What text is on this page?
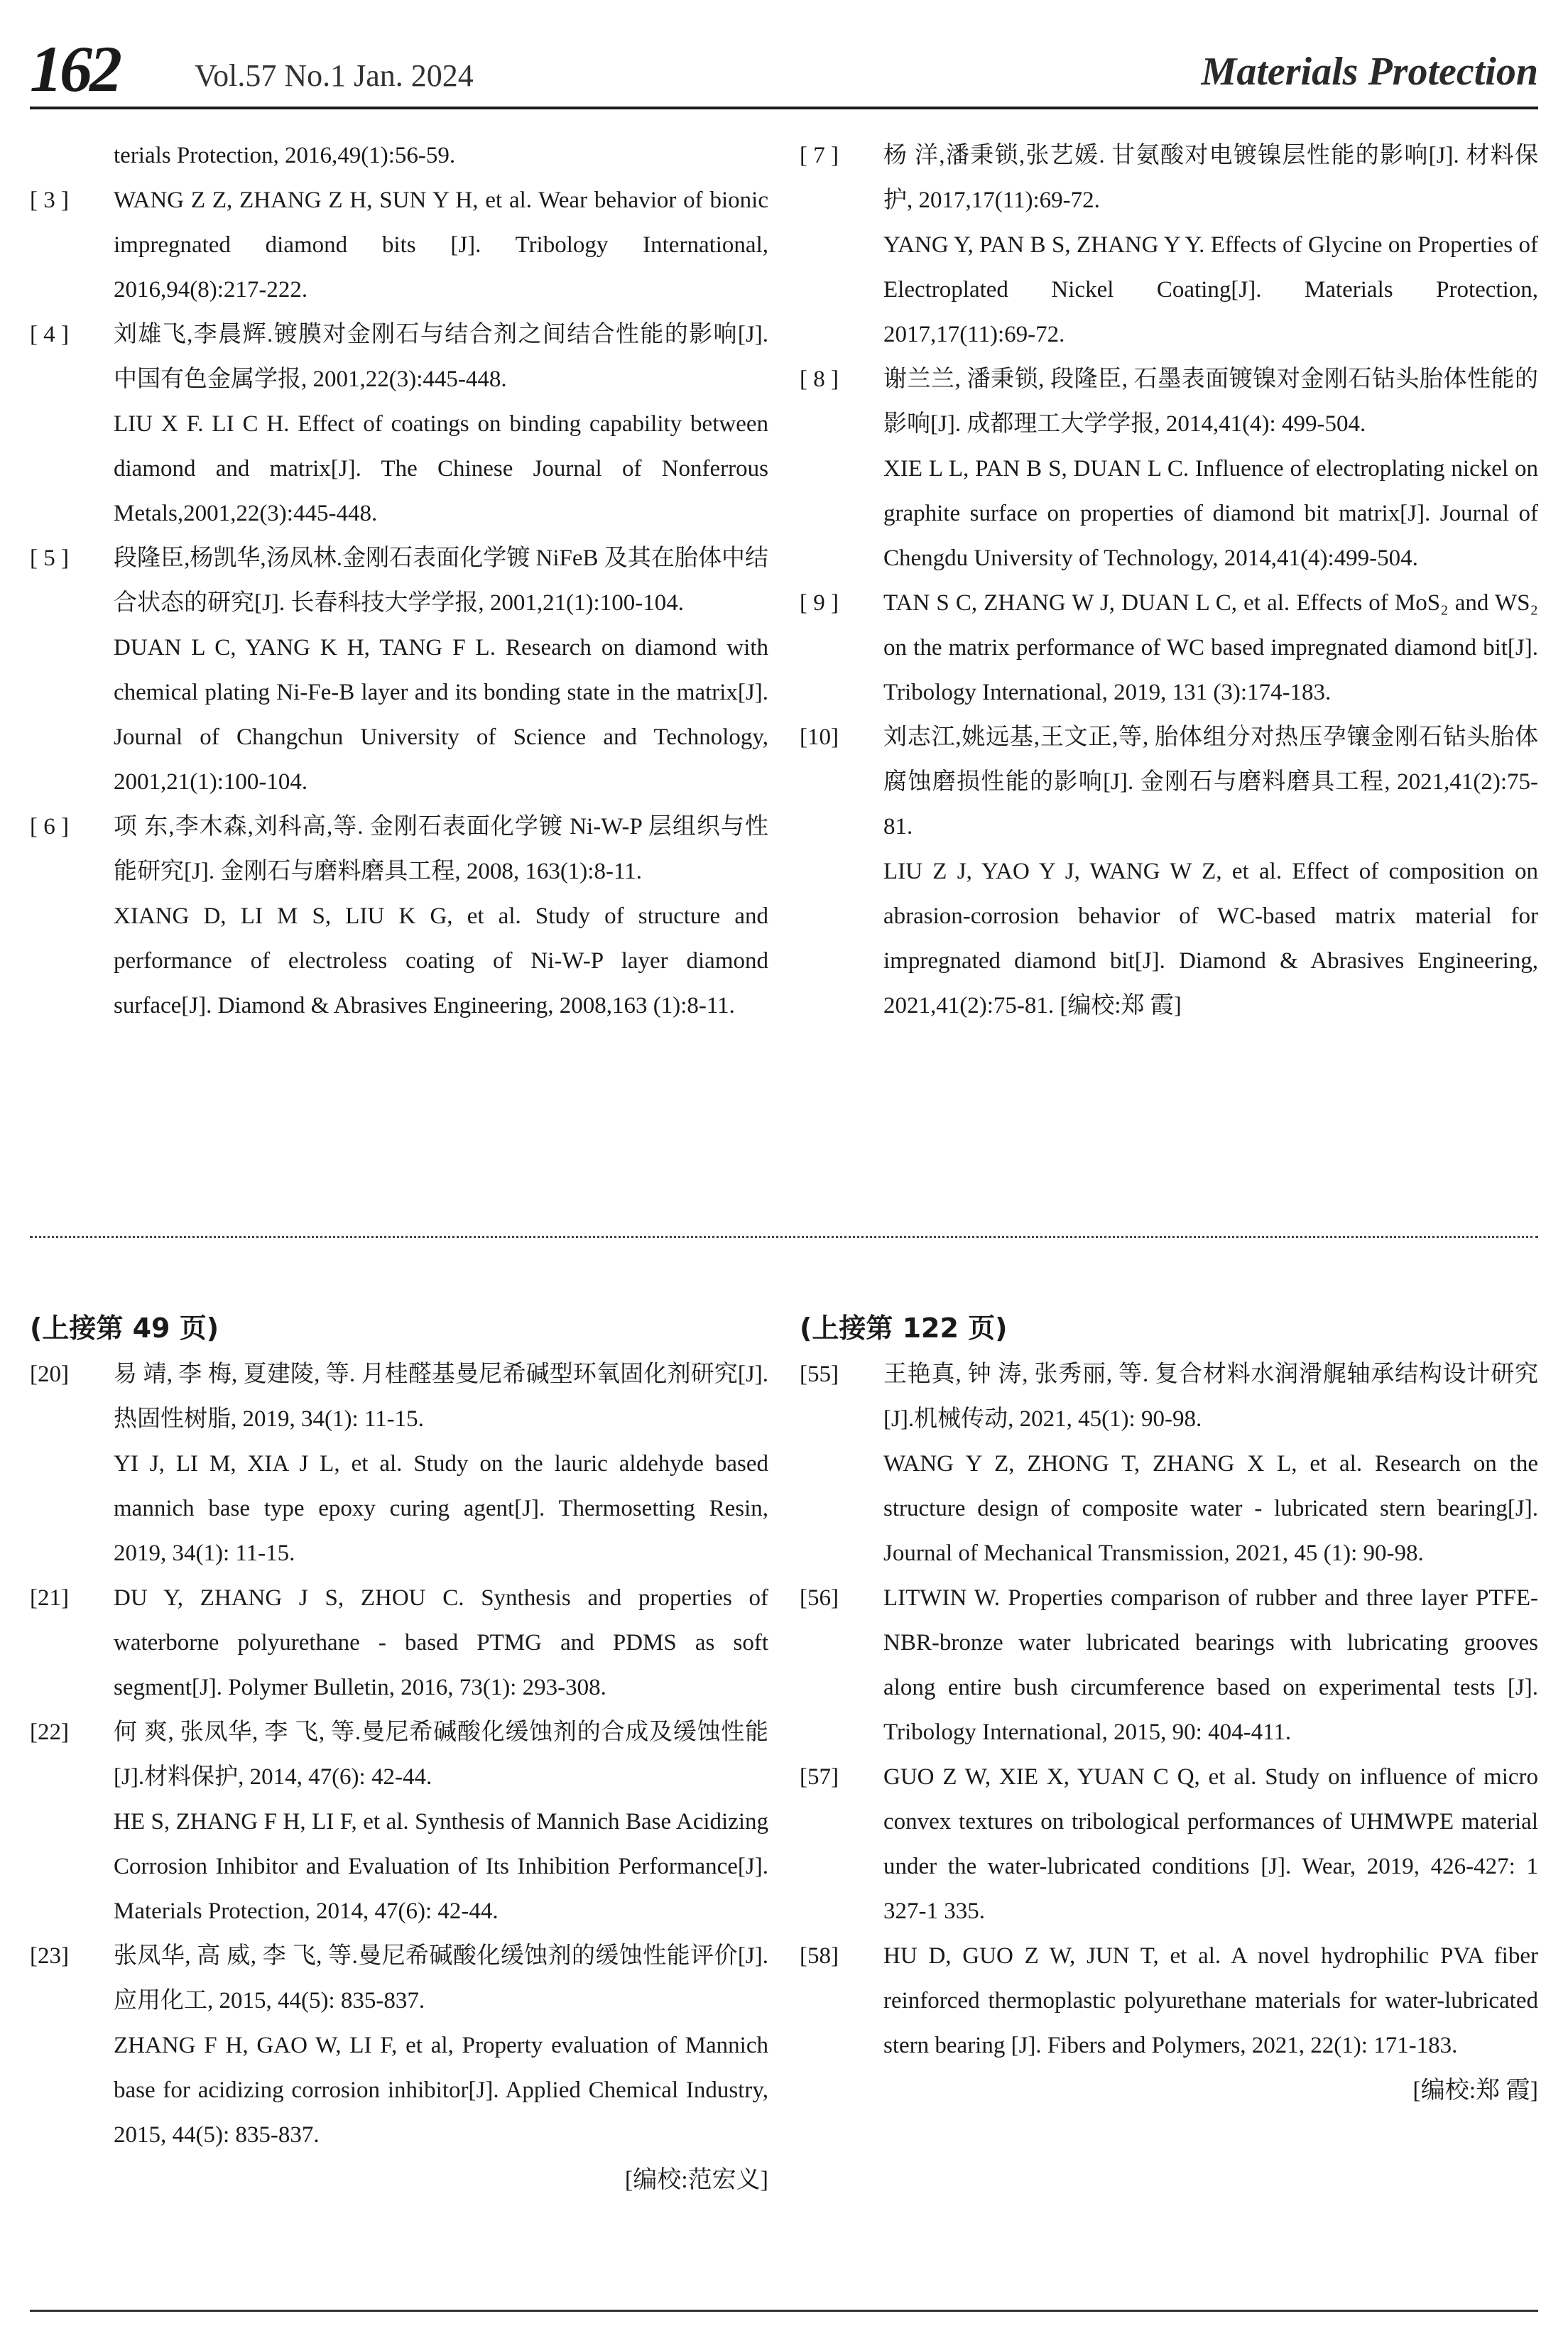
162 Vol.57 No.1 Jan. 2024	Materials Protection

terials Protection, 2016,49(1):56-59.

[ 3 ]	WANG Z Z, ZHANG Z H, SUN Y H, et al. Wear behavior of bionic impregnated diamond bits [J]. Tribology International, 2016,94(8):217-222.

[ 4 ]	刘雄飞,李晨辉.镀膜对金刚石与结合剂之间结合性能的影响[J]. 中国有色金属学报, 2001,22(3):445-448.

LIU X F. LI C H. Effect of coatings on binding capability between diamond and matrix[J]. The Chinese Journal of Nonferrous Metals,2001,22(3):445-448.

[ 5 ]	段隆臣,杨凯华,汤凤林.金刚石表面化学镀 NiFeB 及其在胎体中结合状态的研究[J]. 长春科技大学学报, 2001,21(1):100-104.

DUAN L C, YANG K H, TANG F L. Research on diamond with chemical plating Ni-Fe-B layer and its bonding state in the matrix[J]. Journal of Changchun University of Science and Technology, 2001,21(1):100-104.

[ 6 ]	项 东,李木森,刘科高,等. 金刚石表面化学镀 Ni-W-P 层组织与性能研究[J]. 金刚石与磨料磨具工程, 2008, 163(1):8-11.

XIANG D, LI M S, LIU K G, et al. Study of structure and performance of electroless coating of Ni-W-P layer diamond surface[J]. Diamond & Abrasives Engineering, 2008,163 (1):8-11.

[ 7 ]	杨 洋,潘秉锁,张艺媛. 甘氨酸对电镀镍层性能的影响[J]. 材料保护, 2017,17(11):69-72.

YANG Y, PAN B S, ZHANG Y Y. Effects of Glycine on Properties of Electroplated Nickel Coating[J]. Materials Protection, 2017,17(11):69-72.

[ 8 ]	谢兰兰, 潘秉锁, 段隆臣, 石墨表面镀镍对金刚石钻头胎体性能的影响[J]. 成都理工大学学报, 2014,41(4): 499-504.

XIE L L, PAN B S, DUAN L C. Influence of electroplating nickel on graphite surface on properties of diamond bit matrix[J]. Journal of Chengdu University of Technology, 2014,41(4):499-504.

[ 9 ]	TAN S C, ZHANG W J, DUAN L C, et al. Effects of MoS₂ and WS₂ on the matrix performance of WC based impregnated diamond bit[J]. Tribology International, 2019, 131 (3):174-183.

[10]	刘志江,姚远基,王文正,等, 胎体组分对热压孕镶金刚石钻头胎体腐蚀磨损性能的影响[J]. 金刚石与磨料磨具工程, 2021,41(2):75-81.

LIU Z J, YAO Y J, WANG W Z, et al. Effect of composition on abrasion-corrosion behavior of WC-based matrix material for impregnated diamond bit[J]. Diamond & Abrasives Engineering, 2021,41(2):75-81. [编校:郑 霞]

(上接第 49 页)
[20]	易 靖, 李 梅, 夏建陵, 等. 月桂醛基曼尼希碱型环氧固化剂研究[J]. 热固性树脂, 2019, 34(1): 11-15.

YI J, LI M, XIA J L, et al. Study on the lauric aldehyde based mannich base type epoxy curing agent[J]. Thermosetting Resin, 2019, 34(1): 11-15.

[21]	DU Y, ZHANG J S, ZHOU C. Synthesis and properties of waterborne polyurethane - based PTMG and PDMS as soft segment[J]. Polymer Bulletin, 2016, 73(1): 293-308.

[22]	何 爽, 张凤华, 李 飞, 等.曼尼希碱酸化缓蚀剂的合成及缓蚀性能[J].材料保护, 2014, 47(6): 42-44.

HE S, ZHANG F H, LI F, et al. Synthesis of Mannich Base Acidizing Corrosion Inhibitor and Evaluation of Its Inhibition Performance[J]. Materials Protection, 2014, 47(6): 42-44.

[23]	张凤华, 高 威, 李 飞, 等.曼尼希碱酸化缓蚀剂的缓蚀性能评价[J].应用化工, 2015, 44(5): 835-837.

ZHANG F H, GAO W, LI F, et al, Property evaluation of Mannich base for acidizing corrosion inhibitor[J]. Applied Chemical Industry, 2015, 44(5): 835-837.

[编校:范宏义]
(上接第 122 页)
[55]	王艳真, 钟 涛, 张秀丽, 等. 复合材料水润滑艉轴承结构设计研究[J].机械传动, 2021, 45(1): 90-98.

WANG Y Z, ZHONG T, ZHANG X L, et al. Research on the structure design of composite water - lubricated stern bearing[J]. Journal of Mechanical Transmission, 2021, 45 (1): 90-98.

[56]	LITWIN W. Properties comparison of rubber and three layer PTFE-NBR-bronze water lubricated bearings with lubricating grooves along entire bush circumference based on experimental tests [J]. Tribology International, 2015, 90: 404-411.

[57]	GUO Z W, XIE X, YUAN C Q, et al. Study on influence of micro convex textures on tribological performances of UHMWPE material under the water-lubricated conditions [J]. Wear, 2019, 426-427: 1 327-1 335.

[58]	HU D, GUO Z W, JUN T, et al. A novel hydrophilic PVA fiber reinforced thermoplastic polyurethane materials for water-lubricated stern bearing [J]. Fibers and Polymers, 2021, 22(1): 171-183.

[编校:郑 霞]
